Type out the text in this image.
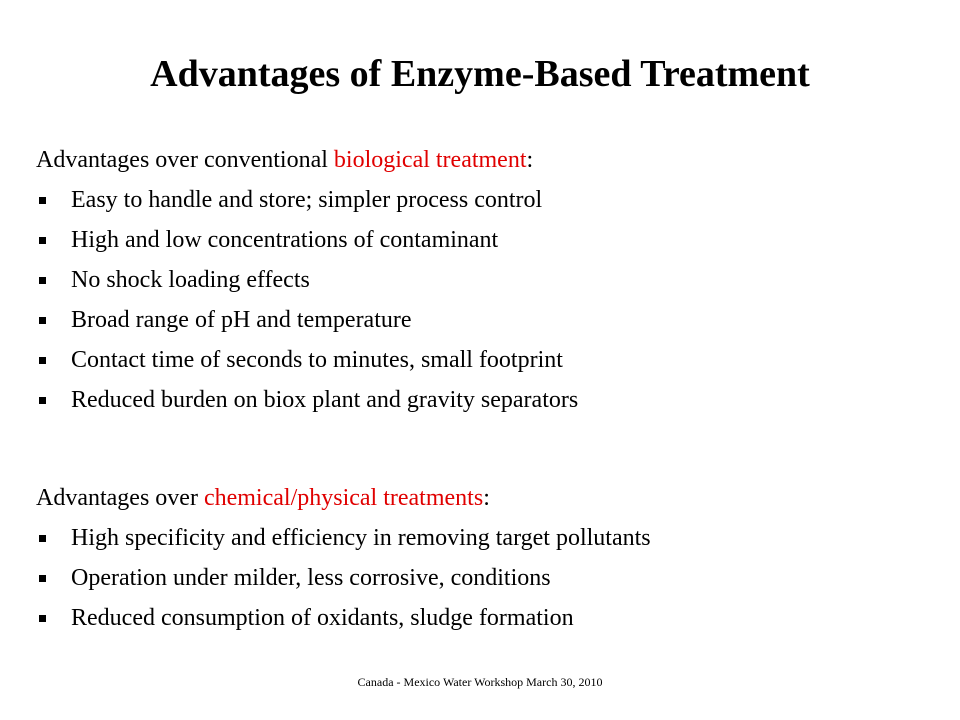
Advantages of Enzyme-Based Treatment
Advantages over conventional biological treatment:
Easy to handle and store; simpler process control
High and low concentrations of contaminant
No shock loading effects
Broad range of pH and temperature
Contact time of seconds to minutes, small footprint
Reduced burden on biox plant and gravity separators
Advantages over chemical/physical treatments:
High specificity and efficiency in removing target pollutants
Operation under milder, less corrosive, conditions
Reduced consumption of oxidants, sludge formation
Canada - Mexico Water Workshop March 30, 2010
